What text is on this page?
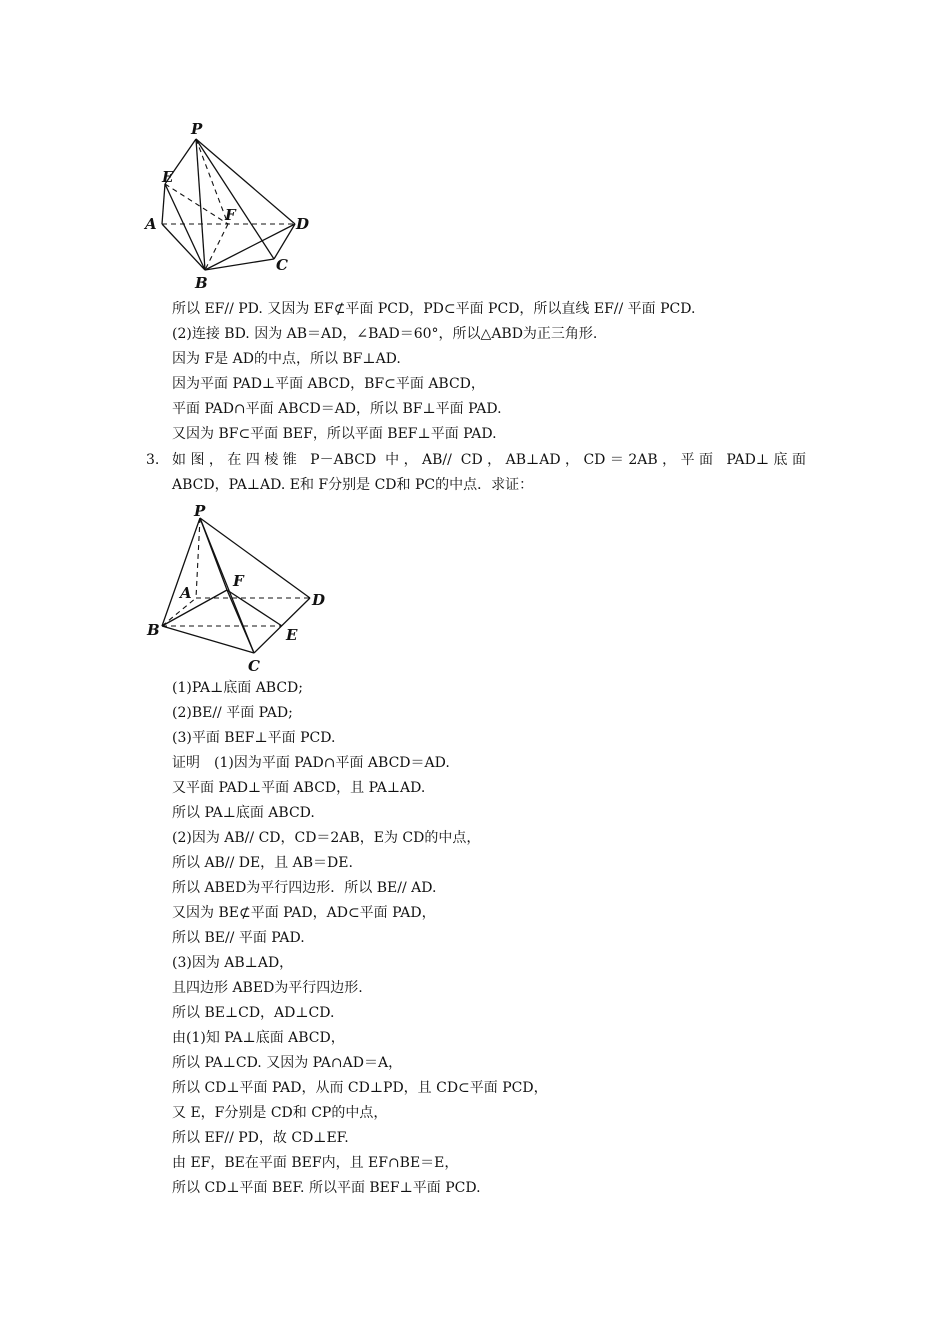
P
E
A	F	D
C
B
所以 EF// PD. 又因为 EF⊄平面 PCD，PD⊂平面 PCD，所以直线 EF// 平面 PCD.
(2)连接 BD. 因为 AB＝AD，∠BAD＝60°，所以△ABD为正三角形.
因为 F是 AD的中点，所以 BF⊥AD.
因为平面 PAD⊥平面 ABCD，BF⊂平面 ABCD，
平面 PAD∩平面 ABCD＝AD，所以 BF⊥平面 PAD.
又因为 BF⊂平面 BEF，所以平面 BEF⊥平面 PAD.
3. 如图，在四棱锥 P－ABCD 中，AB// CD，AB⊥AD，CD＝2AB，平面 PAD⊥底面
ABCD，PA⊥AD. E和 F分别是 CD和 PC的中点．求证：
P
F
A	D
B	E
C
(1)PA⊥底面 ABCD;
(2)BE// 平面 PAD;
(3)平面 BEF⊥平面 PCD.
证明　(1)因为平面 PAD∩平面 ABCD＝AD.
又平面 PAD⊥平面 ABCD，且 PA⊥AD.
所以 PA⊥底面 ABCD.
(2)因为 AB// CD，CD＝2AB，E为 CD的中点，
所以 AB// DE，且 AB＝DE.
所以 ABED为平行四边形．所以 BE// AD.
又因为 BE⊄平面 PAD，AD⊂平面 PAD，
所以 BE// 平面 PAD.
(3)因为 AB⊥AD，
且四边形 ABED为平行四边形.
所以 BE⊥CD，AD⊥CD.
由(1)知 PA⊥底面 ABCD，
所以 PA⊥CD. 又因为 PA∩AD＝A，
所以 CD⊥平面 PAD，从而 CD⊥PD，且 CD⊂平面 PCD，
又 E，F分别是 CD和 CP的中点，
所以 EF// PD，故 CD⊥EF.
由 EF，BE在平面 BEF内，且 EF∩BE＝E，
所以 CD⊥平面 BEF. 所以平面 BEF⊥平面 PCD.
